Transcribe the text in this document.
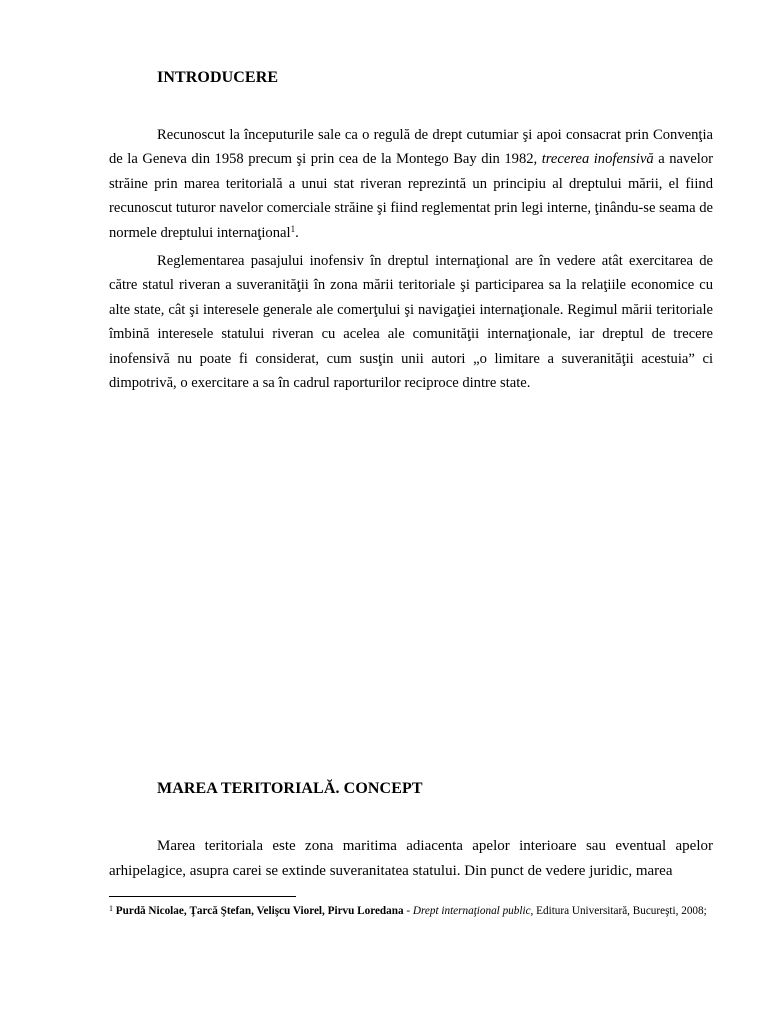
INTRODUCERE
Recunoscut la începuturile sale ca o regulă de drept cutumiar şi apoi consacrat prin Convenţia de la Geneva din 1958 precum şi prin cea de la Montego Bay din 1982, trecerea inofensivă a navelor străine prin marea teritorială a unui stat riveran reprezintă un principiu al dreptului mării, el fiind recunoscut tuturor navelor comerciale străine şi fiind reglementat prin legi interne, ţinându-se seama de normele dreptului internaţional$^1$.
Reglementarea pasajului inofensiv în dreptul internaţional are în vedere atât exercitarea de către statul riveran a suveranităţii în zona mării teritoriale şi participarea sa la relaţiile economice cu alte state, cât şi interesele generale ale comerţului şi navigaţiei internaţionale. Regimul mării teritoriale îmbină interesele statului riveran cu acelea ale comunităţii internaţionale, iar dreptul de trecere inofensivă nu poate fi considerat, cum susţin unii autori „o limitare a suveranităţii acestuia” ci dimpotrivă, o exercitare a sa în cadrul raporturilor reciproce dintre state.
MAREA TERITORIALĂ. CONCEPT
Marea teritoriala este zona maritima adiacenta apelor interioare sau eventual apelor arhipelagice, asupra carei se extinde suveranitatea statului. Din punct de vedere juridic, marea
$^1$ Purdă Nicolae, Ţarcă Ştefan, Velişcu Viorel, Pirvu Loredana - Drept internaţional public, Editura Universitară, Bucureşti, 2008;
